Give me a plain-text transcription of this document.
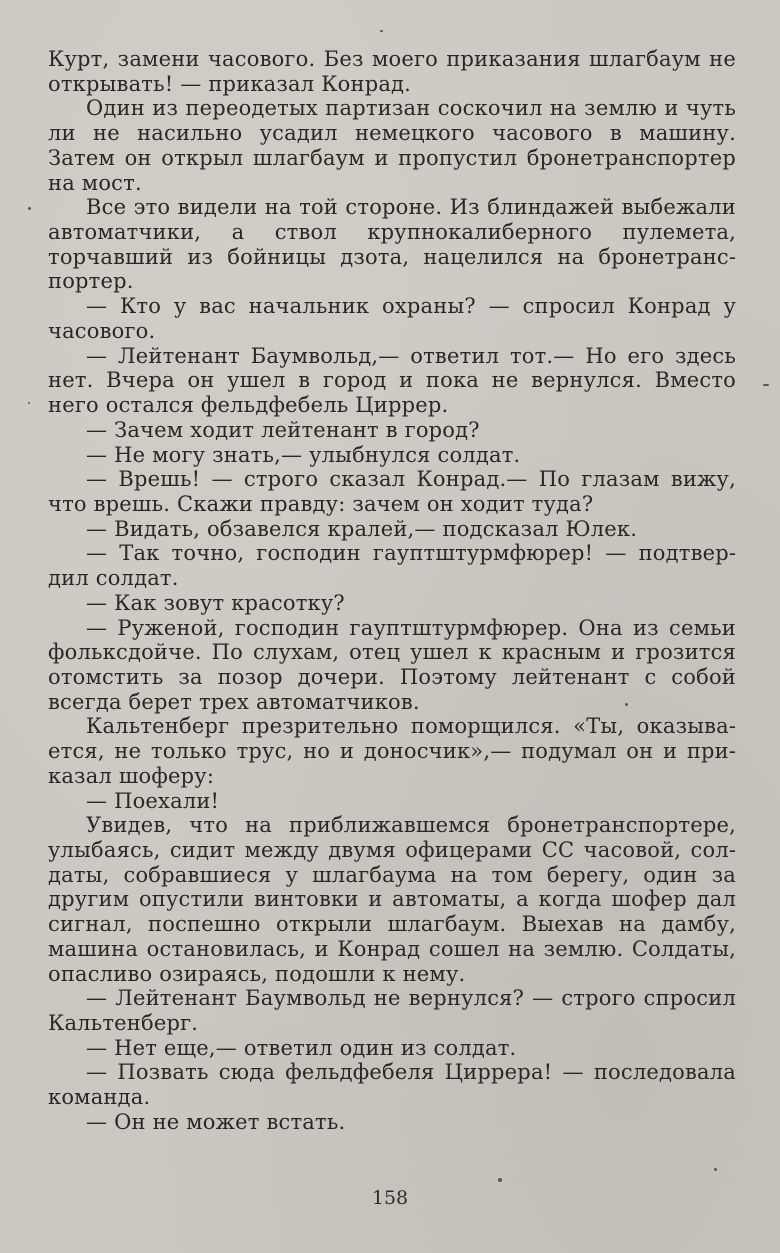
Курт, замени часового. Без моего приказания шлагбаум не открывать! — приказал Конрад.

Один из переодетых партизан соскочил на землю и чуть ли не насильно усадил немецкого часового в машину. Затем он открыл шлагбаум и пропустил бронетранспортер на мост.

Все это видели на той стороне. Из блиндажей выбежали автоматчики, а ствол крупнокалиберного пулемета, торчавший из бойницы дзота, нацелился на бронетранспортер.

— Кто у вас начальник охраны? — спросил Конрад у часового.

— Лейтенант Баумвольд,— ответил тот.— Но его здесь нет. Вчера он ушел в город и пока не вернулся. Вместо него остался фельдфебель Циррер.

— Зачем ходит лейтенант в город?

— Не могу знать,— улыбнулся солдат.

— Врешь! — строго сказал Конрад.— По глазам вижу, что врешь. Скажи правду: зачем он ходит туда?

— Видать, обзавелся кралей,— подсказал Юлек.

— Так точно, господин гауптштурмфюрер! — подтвердил солдат.

— Как зовут красотку?

— Руженой, господин гауптштурмфюрер. Она из семьи фольксдойче. По слухам, отец ушел к красным и грозится отомстить за позор дочери. Поэтому лейтенант с собой всегда берет трех автоматчиков.

Кальтенберг презрительно поморщился. «Ты, оказывается, не только трус, но и доносчик»,— подумал он и приказал шоферу:

— Поехали!

Увидев, что на приближавшемся бронетранспортере, улыбаясь, сидит между двумя офицерами СС часовой, солдаты, собравшиеся у шлагбаума на том берегу, один за другим опустили винтовки и автоматы, а когда шофер дал сигнал, поспешно открыли шлагбаум. Выехав на дамбу, машина остановилась, и Конрад сошел на землю. Солдаты, опасливо озираясь, подошли к нему.

— Лейтенант Баумвольд не вернулся? — строго спросил Кальтенберг.

— Нет еще,— ответил один из солдат.

— Позвать сюда фельдфебеля Циррера! — последовала команда.

— Он не может встать.

158
